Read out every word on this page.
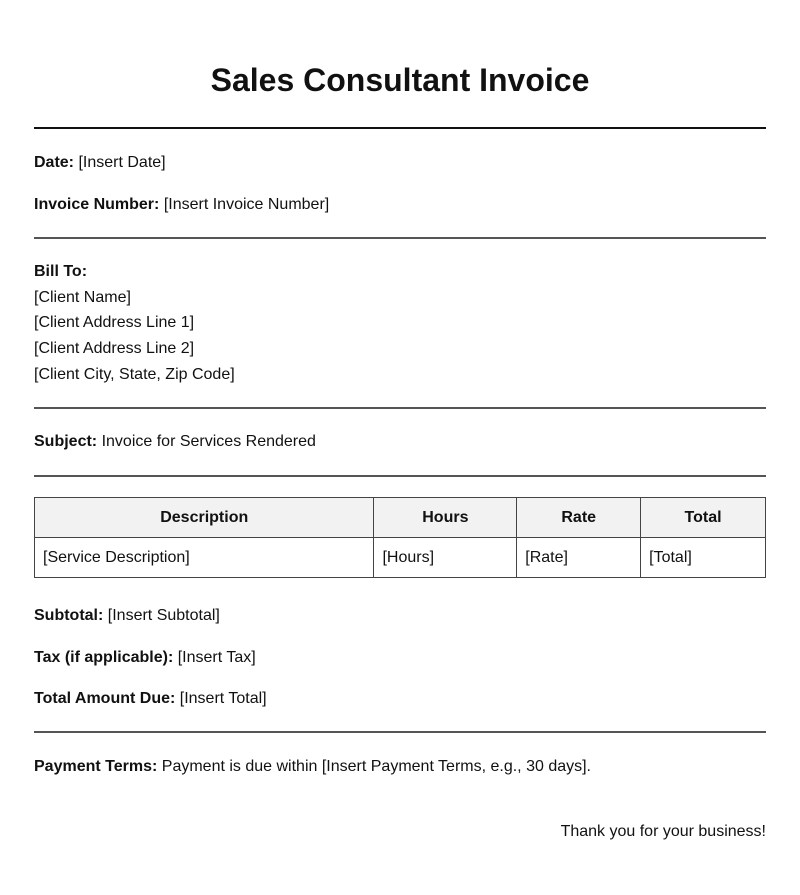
Sales Consultant Invoice
Date: [Insert Date]
Invoice Number: [Insert Invoice Number]
Bill To:
[Client Name]
[Client Address Line 1]
[Client Address Line 2]
[Client City, State, Zip Code]
Subject: Invoice for Services Rendered
Description	Hours	Rate	Total
[Service Description]	[Hours]	[Rate]	[Total]
Subtotal: [Insert Subtotal]
Tax (if applicable): [Insert Tax]
Total Amount Due: [Insert Total]
Payment Terms: Payment is due within [Insert Payment Terms, e.g., 30 days].
Thank you for your business!
